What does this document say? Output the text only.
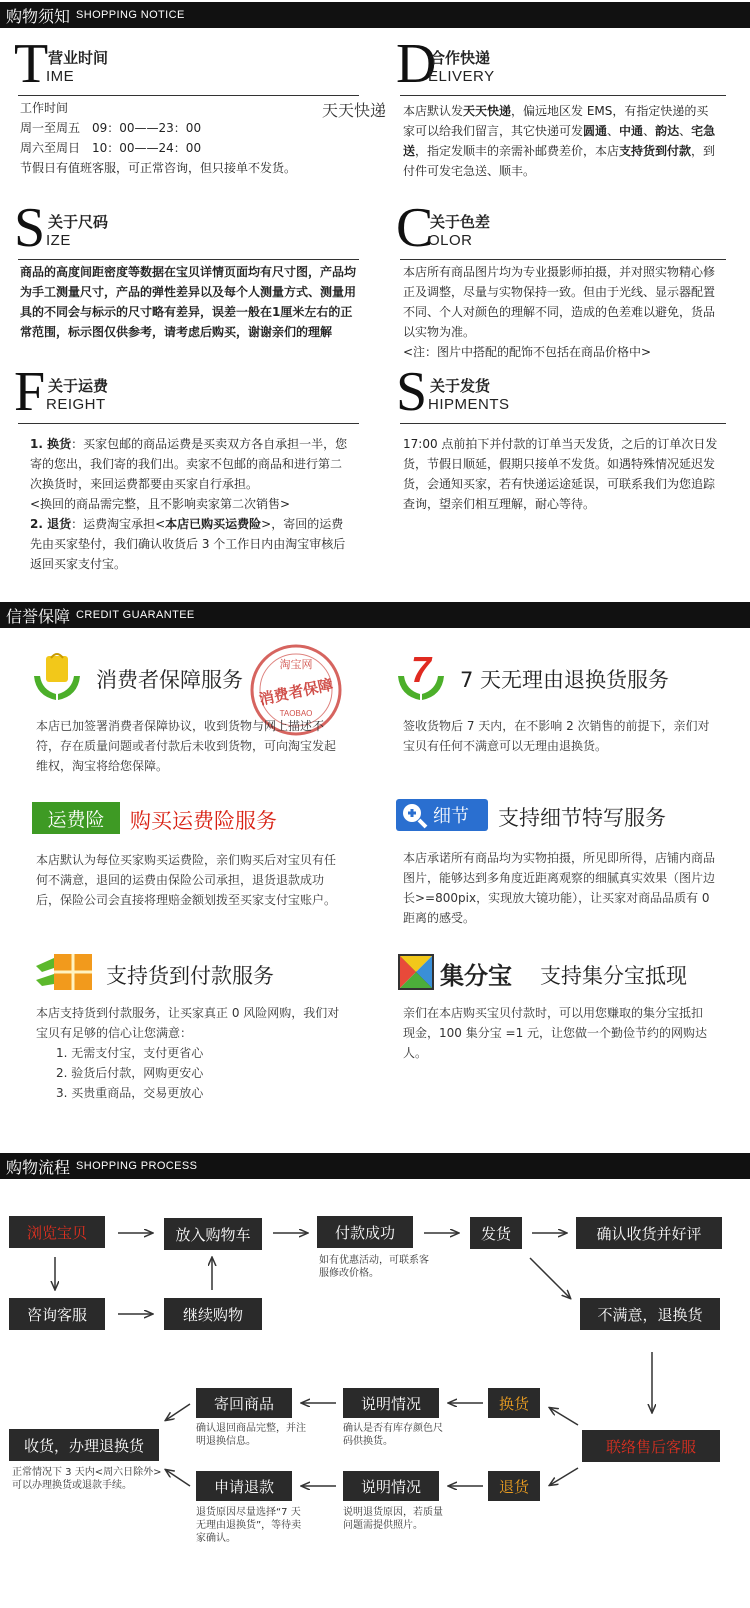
购物须知 SHOPPING NOTICE
T 营业时间
IME
工作时间
周一至周五　09：00——23：00
周六至周日　10：00——24：00
节假日有值班客服，可正常咨询，但只接单不发货。
天天快递
D
合作快递
ELIVERY
本店默认发天天快递，偏远地区发 EMS，有指定快递的买家可以给我们留言，其它快递可发圆通、中通、韵达、宅急送，指定发顺丰的亲需补邮费差价，本店支持货到付款，到付件可发宅急送、顺丰。
S 关于尺码
IZE
商品的高度间距密度等数据在宝贝详情页面均有尺寸图，产品均为手工测量尺寸，产品的弹性差异以及每个人测量方式、测量用具的不同会与标示的尺寸略有差异，误差一般在1厘米左右的正常范围，标示图仅供参考，请考虑后购买，谢谢亲们的理解
C
关于色差
OLOR
本店所有商品图片均为专业摄影师拍摄，并对照实物精心修正及调整，尽量与实物保持一致。但由于光线、显示器配置不同、个人对颜色的理解不同，造成的色差难以避免，货品以实物为准。
<注：图片中搭配的配饰不包括在商品价格中>
F 关于运费
REIGHT
1. 换货：买家包邮的商品运费是买卖双方各自承担一半，您寄的您出，我们寄的我们出。卖家不包邮的商品和进行第二次换货时，来回运费都要由买家自行承担。
<换回的商品需完整，且不影响卖家第二次销售>
2. 退货：运费淘宝承担<本店已购买运费险>，寄回的运费先由买家垫付，我们确认收货后 3 个工作日内由淘宝审核后返回买家支付宝。
S 关于发货
HIPMENTS
17:00 点前拍下并付款的订单当天发货，之后的订单次日发货，节假日顺延，假期只接单不发货。如遇特殊情况延迟发货，会通知买家，若有快递运途延误，可联系我们为您追踪查询，望亲们相互理解，耐心等待。
信誉保障 CREDIT GUARANTEE
消费者保障服务
淘宝网
消费者保障
TAOBAO
本店已加签署消费者保障协议，收到货物与网上描述不符，存在质量问题或者付款后未收到货物，可向淘宝发起维权，淘宝将给您保障。
7 7 天无理由退换货服务
签收货物后 7 天内，在不影响 2 次销售的前提下，亲们对宝贝有任何不满意可以无理由退换货。
运费险	购买运费险服务
本店默认为每位买家购买运费险，亲们购买后对宝贝有任何不满意，退回的运费由保险公司承担，退货退款成功后，保险公司会直接将理赔金额划拨至买家支付宝账户。
细节 支持细节特写服务
本店承诺所有商品均为实物拍摄，所见即所得，店铺内商品图片，能够达到多角度近距离观察的细腻真实效果（图片边长>=800pix，实现放大镜功能），让买家对商品品质有 0 距离的感受。
支持货到付款服务
本店支持货到付款服务，让买家真正 0 风险网购，我们对宝贝有足够的信心让您满意：
1. 无需支付宝，支付更省心
2. 验货后付款，网购更安心
3. 买贵重商品，交易更放心
集分宝 支持集分宝抵现
亲们在本店购买宝贝付款时，可以用您赚取的集分宝抵扣现金，100 集分宝 =1 元，让您做一个勤俭节约的网购达人。
购物流程 SHOPPING PROCESS
浏览宝贝	放入购物车	付款成功	发货	确认收货并好评
如有优惠活动，可联系客服修改价格。
咨询客服	继续购物	不满意，退换货
寄回商品	说明情况	换货
确认退回商品完整，并注明退换信息。
确认是否有库存颜色尺码供换货。
收货，办理退换货	联络售后客服
正常情况下 3 天内<周六日除外>可以办理换货或退款手续。	申请退款	说明情况	退货
退货原因尽量选择“7 天无理由退换货”，等待卖家确认。
说明退货原因，若质量问题需提供照片。
